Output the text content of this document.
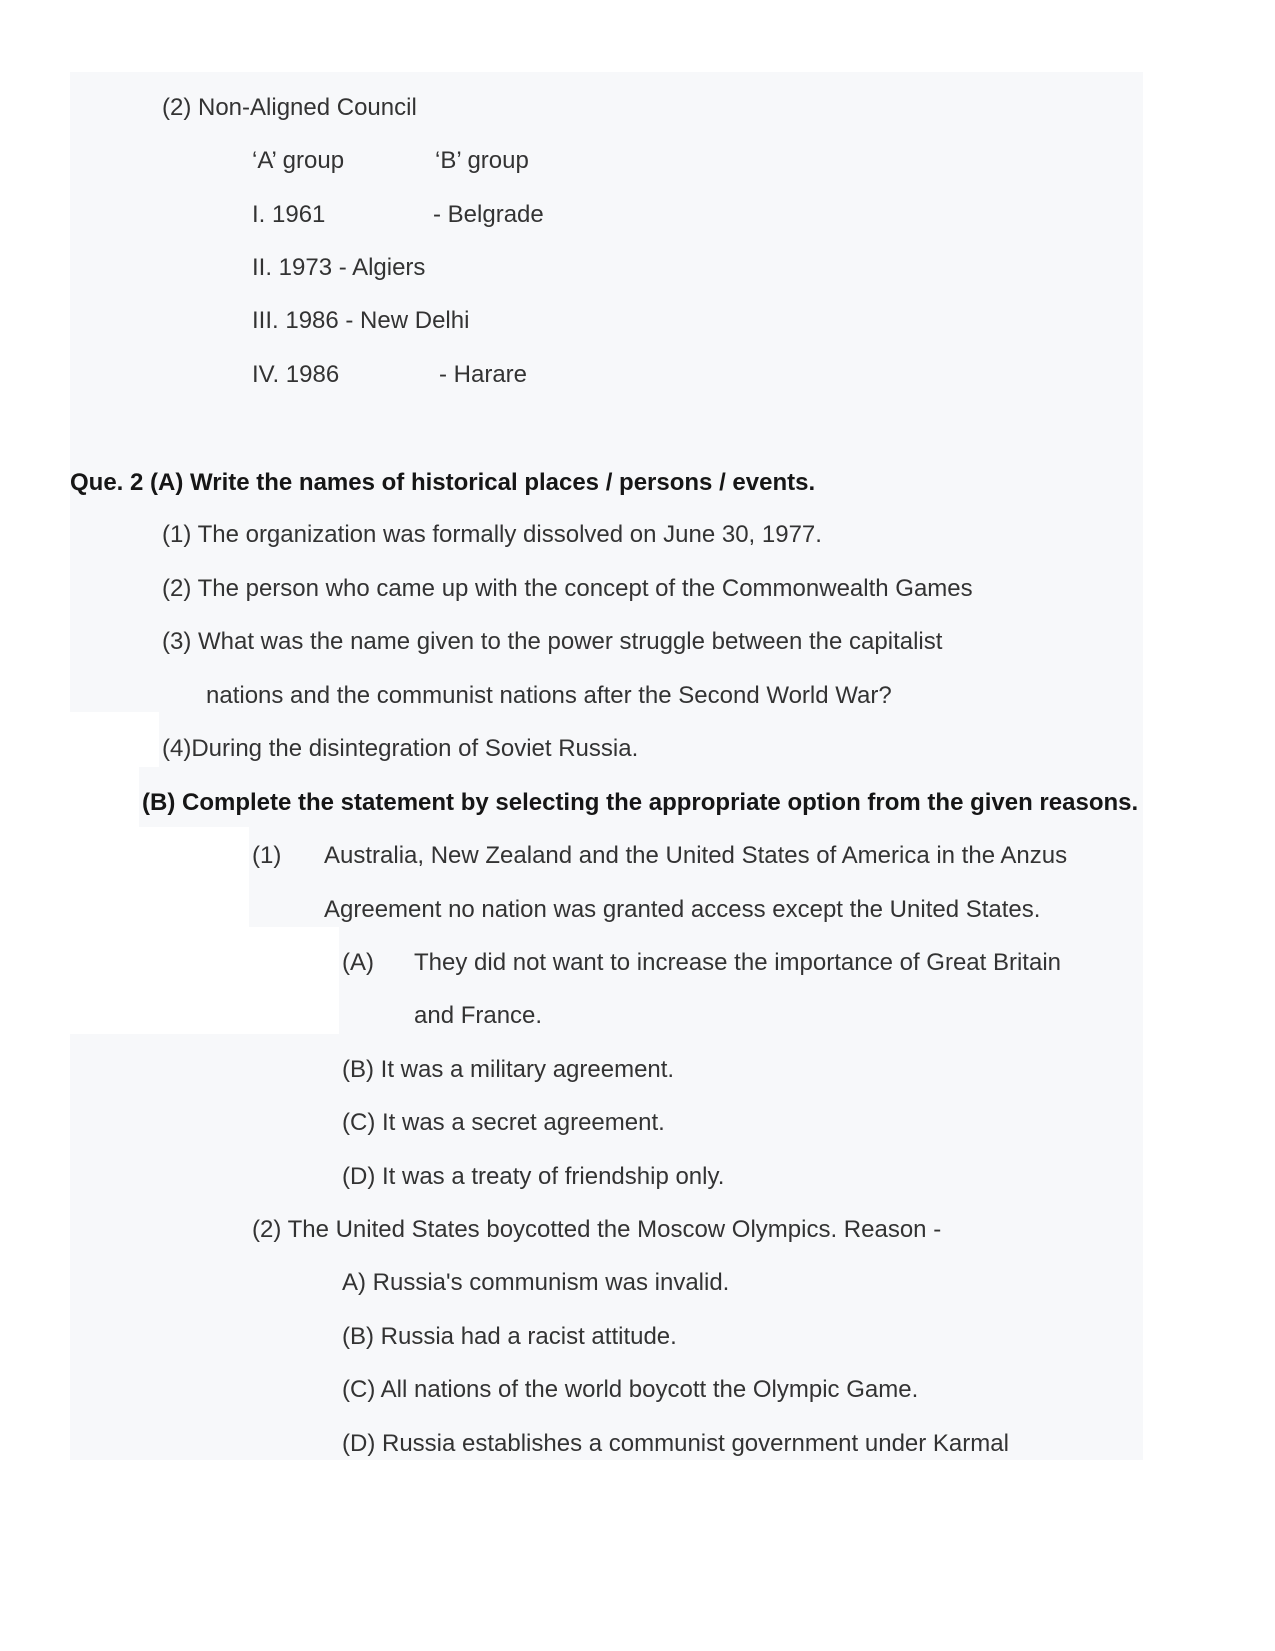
(2) Non-Aligned Council
‘A’ group	‘B’ group
I. 1961	- Belgrade
II. 1973 - Algiers
III. 1986 - New Delhi
IV. 1986	- Harare
Que. 2 (A) Write the names of historical places / persons / events.
(1) The organization was formally dissolved on June 30, 1977.
(2) The person who came up with the concept of the Commonwealth Games
(3) What was the name given to the power struggle between the capitalist
nations and the communist nations after the Second World War?
(4)During the disintegration of Soviet Russia.
(B) Complete the statement by selecting the appropriate option from the given reasons.
(1) Australia, New Zealand and the United States of America in the Anzus
Agreement no nation was granted access except the United States.
(A) They did not want to increase the importance of Great Britain
and France.
(B) It was a military agreement.
(C) It was a secret agreement.
(D) It was a treaty of friendship only.
(2) The United States boycotted the Moscow Olympics. Reason -
A) Russia's communism was invalid.
(B) Russia had a racist attitude.
(C) All nations of the world boycott the Olympic Game.
(D) Russia establishes a communist government under Karmal
